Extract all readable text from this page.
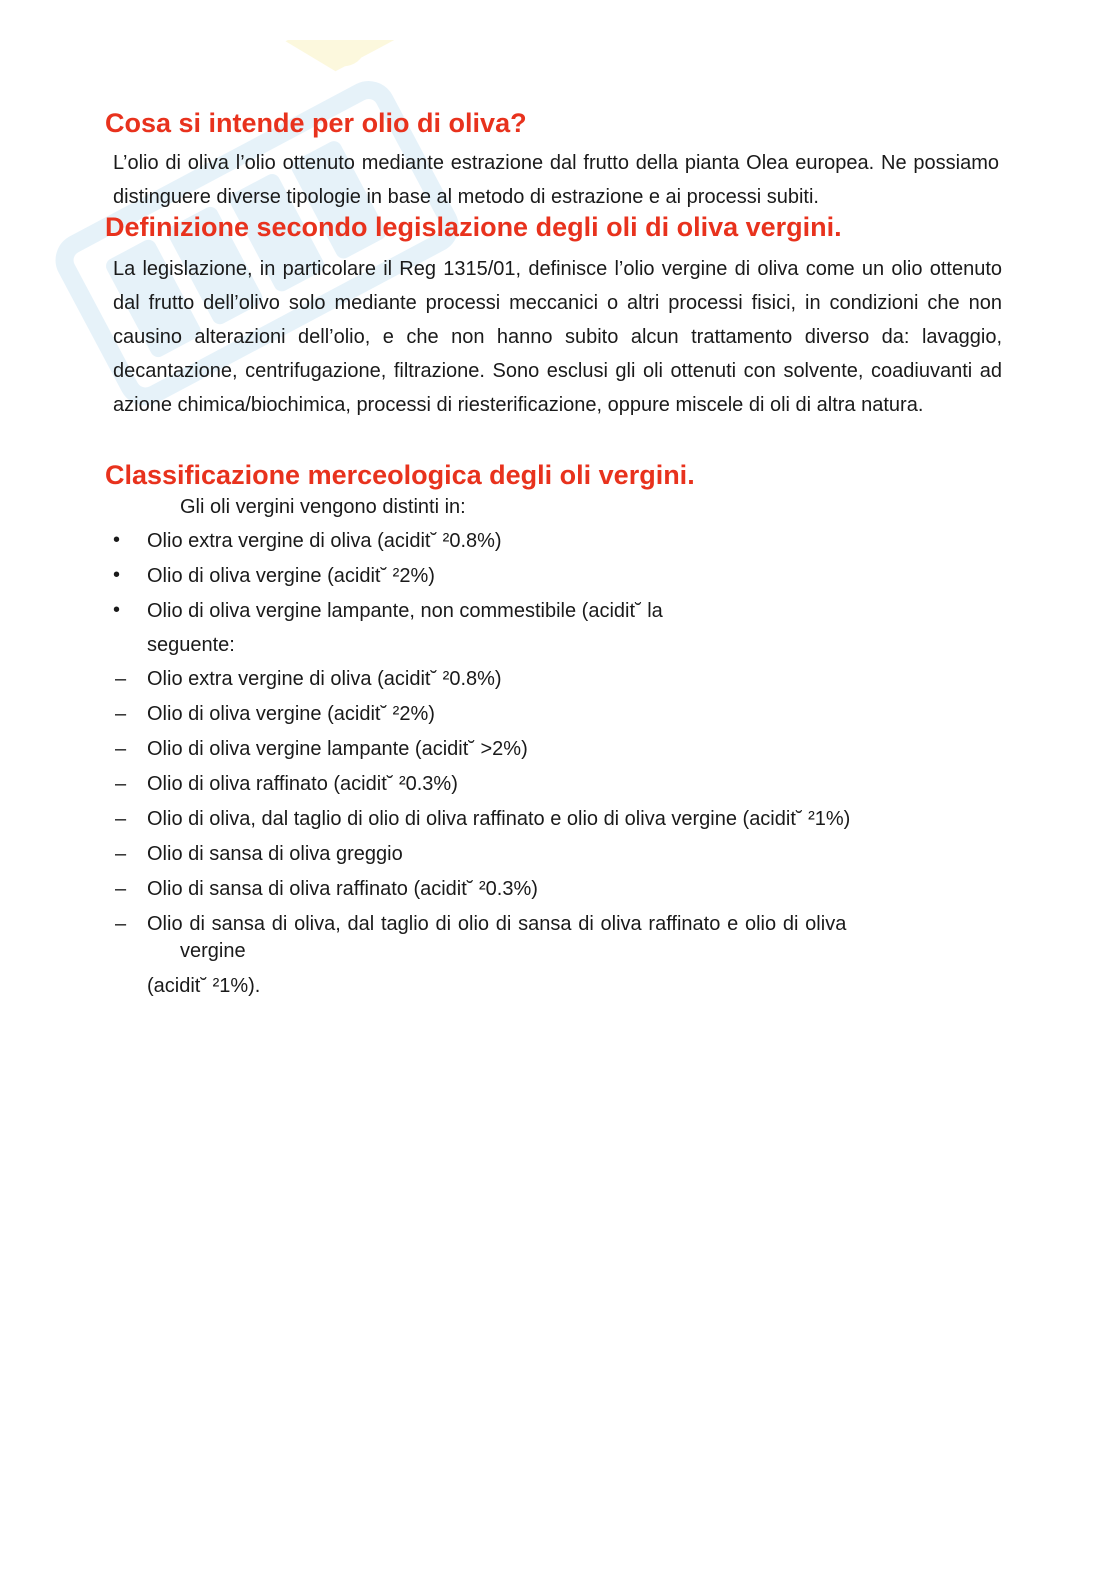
Cosa si intende per olio di oliva?

L’olio di oliva l’olio ottenuto mediante estrazione dal frutto della pianta Olea europea. Ne possiamo distinguere diverse tipologie in base al metodo di estrazione e ai processi subiti.

Definizione secondo legislazione degli oli di oliva vergini.

La legislazione, in particolare il Reg 1315/01, definisce l’olio vergine di oliva come un olio ottenuto dal frutto dell’olivo solo mediante processi meccanici o altri processi fisici, in condizioni che non causino alterazioni dell’olio, e che non hanno subito alcun trattamento diverso da: lavaggio, decantazione, centrifugazione, filtrazione. Sono esclusi gli oli ottenuti con solvente, coadiuvanti ad azione chimica/biochimica, processi di riesterificazione, oppure miscele di oli di altra natura.

Classificazione merceologica degli oli vergini.

Gli oli vergini vengono distinti in:

• Olio extra vergine di oliva (acidit˘ ²0.8%)
• Olio di oliva vergine (acidit˘ ²2%)
• Olio di oliva vergine lampante, non commestibile (acidit˘ la
seguente:
– Olio extra vergine di oliva (acidit˘ ²0.8%)
– Olio di oliva vergine (acidit˘ ²2%)
– Olio di oliva vergine lampante (acidit˘ >2%)
– Olio di oliva raffinato (acidit˘ ²0.3%)
– Olio di oliva, dal taglio di olio di oliva raffinato e olio di oliva vergine (acidit˘ ²1%)
– Olio di sansa di oliva greggio
– Olio di sansa di oliva raffinato (acidit˘ ²0.3%)
– Olio di sansa di oliva, dal taglio di olio di sansa di oliva raffinato e olio di oliva
vergine
(acidit˘ ²1%).
